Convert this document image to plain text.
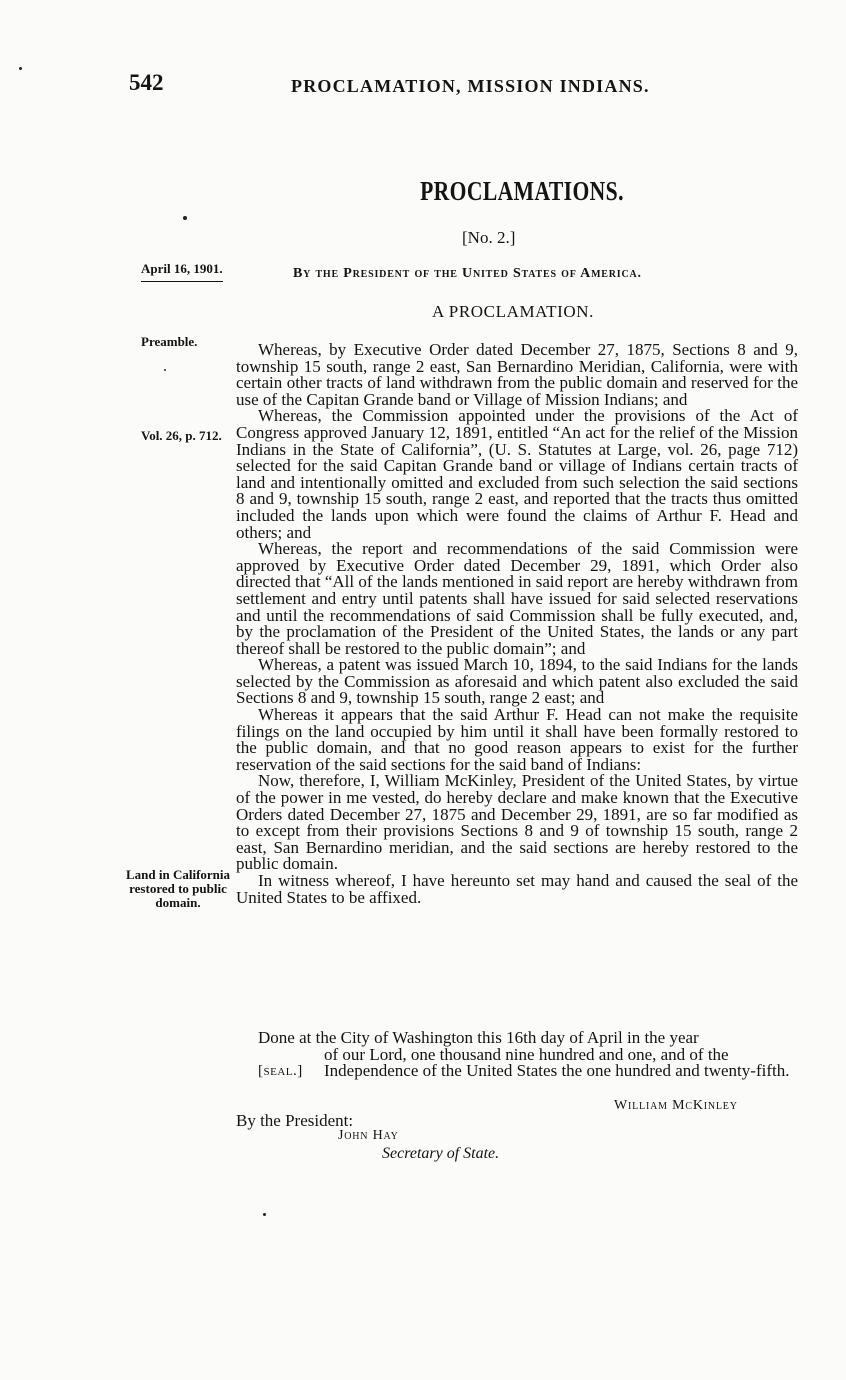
542	PROCLAMATION, MISSION INDIANS.
PROCLAMATIONS.
[No. 2.]
April 16, 1901.	By the President of the United States of America.
A PROCLAMATION.
Preamble.
Vol. 26, p. 712.
Land in California restored to public domain.

Whereas, by Executive Order dated December 27, 1875, Sections 8 and 9, township 15 south, range 2 east, San Bernardino Meridian, California, were with certain other tracts of land withdrawn from the public domain and reserved for the use of the Capitan Grande band or Village of Mission Indians; and

Whereas, the Commission appointed under the provisions of the Act of Congress approved January 12, 1891, entitled “An act for the relief of the Mission Indians in the State of California”, (U. S. Statutes at Large, vol. 26, page 712) selected for the said Capitan Grande band or village of Indians certain tracts of land and intentionally omitted and excluded from such selection the said sections 8 and 9, township 15 south, range 2 east, and reported that the tracts thus omitted included the lands upon which were found the claims of Arthur F. Head and others; and

Whereas, the report and recommendations of the said Commission were approved by Executive Order dated December 29, 1891, which Order also directed that “All of the lands mentioned in said report are hereby withdrawn from settlement and entry until patents shall have issued for said selected reservations and until the recommendations of said Commission shall be fully executed, and, by the proclamation of the President of the United States, the lands or any part thereof shall be restored to the public domain”; and

Whereas, a patent was issued March 10, 1894, to the said Indians for the lands selected by the Commission as aforesaid and which patent also excluded the said Sections 8 and 9, township 15 south, range 2 east; and

Whereas it appears that the said Arthur F. Head can not make the requisite filings on the land occupied by him until it shall have been formally restored to the public domain, and that no good reason appears to exist for the further reservation of the said sections for the said band of Indians:

Now, therefore, I, William McKinley, President of the United States, by virtue of the power in me vested, do hereby declare and make known that the Executive Orders dated December 27, 1875 and December 29, 1891, are so far modified as to except from their provisions Sections 8 and 9 of township 15 south, range 2 east, San Bernardino meridian, and the said sections are hereby restored to the public domain.

In witness whereof, I have hereunto set may hand and caused the seal of the United States to be affixed.

Done at the City of Washington this 16th day of April in the year
of our Lord, one thousand nine hundred and one, and of the Independence of the United States the one hundred and twenty-fifth.
[seal.]
William McKinley
By the President:
John Hay
Secretary of State.
